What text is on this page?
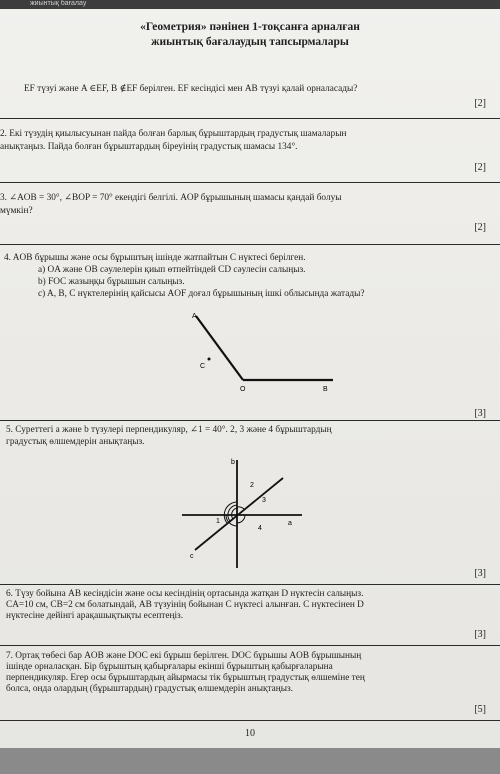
жиынтық бағалау
«Геометрия» пәнінен 1-тоқсанға арналған
жиынтық бағалаудың тапсырмалары
EF түзуі және A ∈EF, B ∉EF берілген. EF кесіндісі мен AB түзуі қалай орналасады?
[2]
2. Екі түзудің қиылысуынан пайда болған барлық бұрыштардың градустық шамаларын
анықтаңыз. Пайда болған бұрыштардың біреуінің градустық шамасы 134°.
[2]
3. ∠AOB = 30°, ∠BOP = 70° екендігі белгілі. AOP бұрышының шамасы қандай болуы
мүмкін?
[2]
4. AOB бұрышы және осы бұрыштың ішінде жатпайтын C нүктесі берілген.
a) OA және OB сәулелерін қиып өтпейтіндей CD сәулесін салыңыз.
b) FOC жазыңқы бұрышын салыңыз.
c) A, B, C нүктелерінің қайсысы AOF доғал бұрышының ішкі облысында жатады?
A
C
O	B
[3]
5. Суреттегі a және b түзулері перпендикуляр, ∠1 = 40°. 2, 3 және 4 бұрыштардың
градустық өлшемдерін анықтаңыз.
b
a
c
1
2
3
4
[3]
6. Түзу бойына AB кесіндісін және осы кесіндінің ортасында жатқан D нүктесін салыңыз.
CA=10 см, CB=2 см болатындай, AB түзуінің бойынан C нүктесі алынған. C нүктесінен D
нүктесіне дейінгі арақашықтықты есептеңіз.
[3]
7. Ортақ төбесі бар AOB және DOC екі бұрыш берілген. DOC бұрышы AOB бұрышының
ішінде орналасқан. Бір бұрыштың қабырғалары екінші бұрыштың қабырғаларына
перпендикуляр. Егер осы бұрыштардың айырмасы тік бұрыштың градустық өлшеміне тең
болса, онда олардың (бұрыштардың) градустық өлшемдерін анықтаңыз.
[5]
10
